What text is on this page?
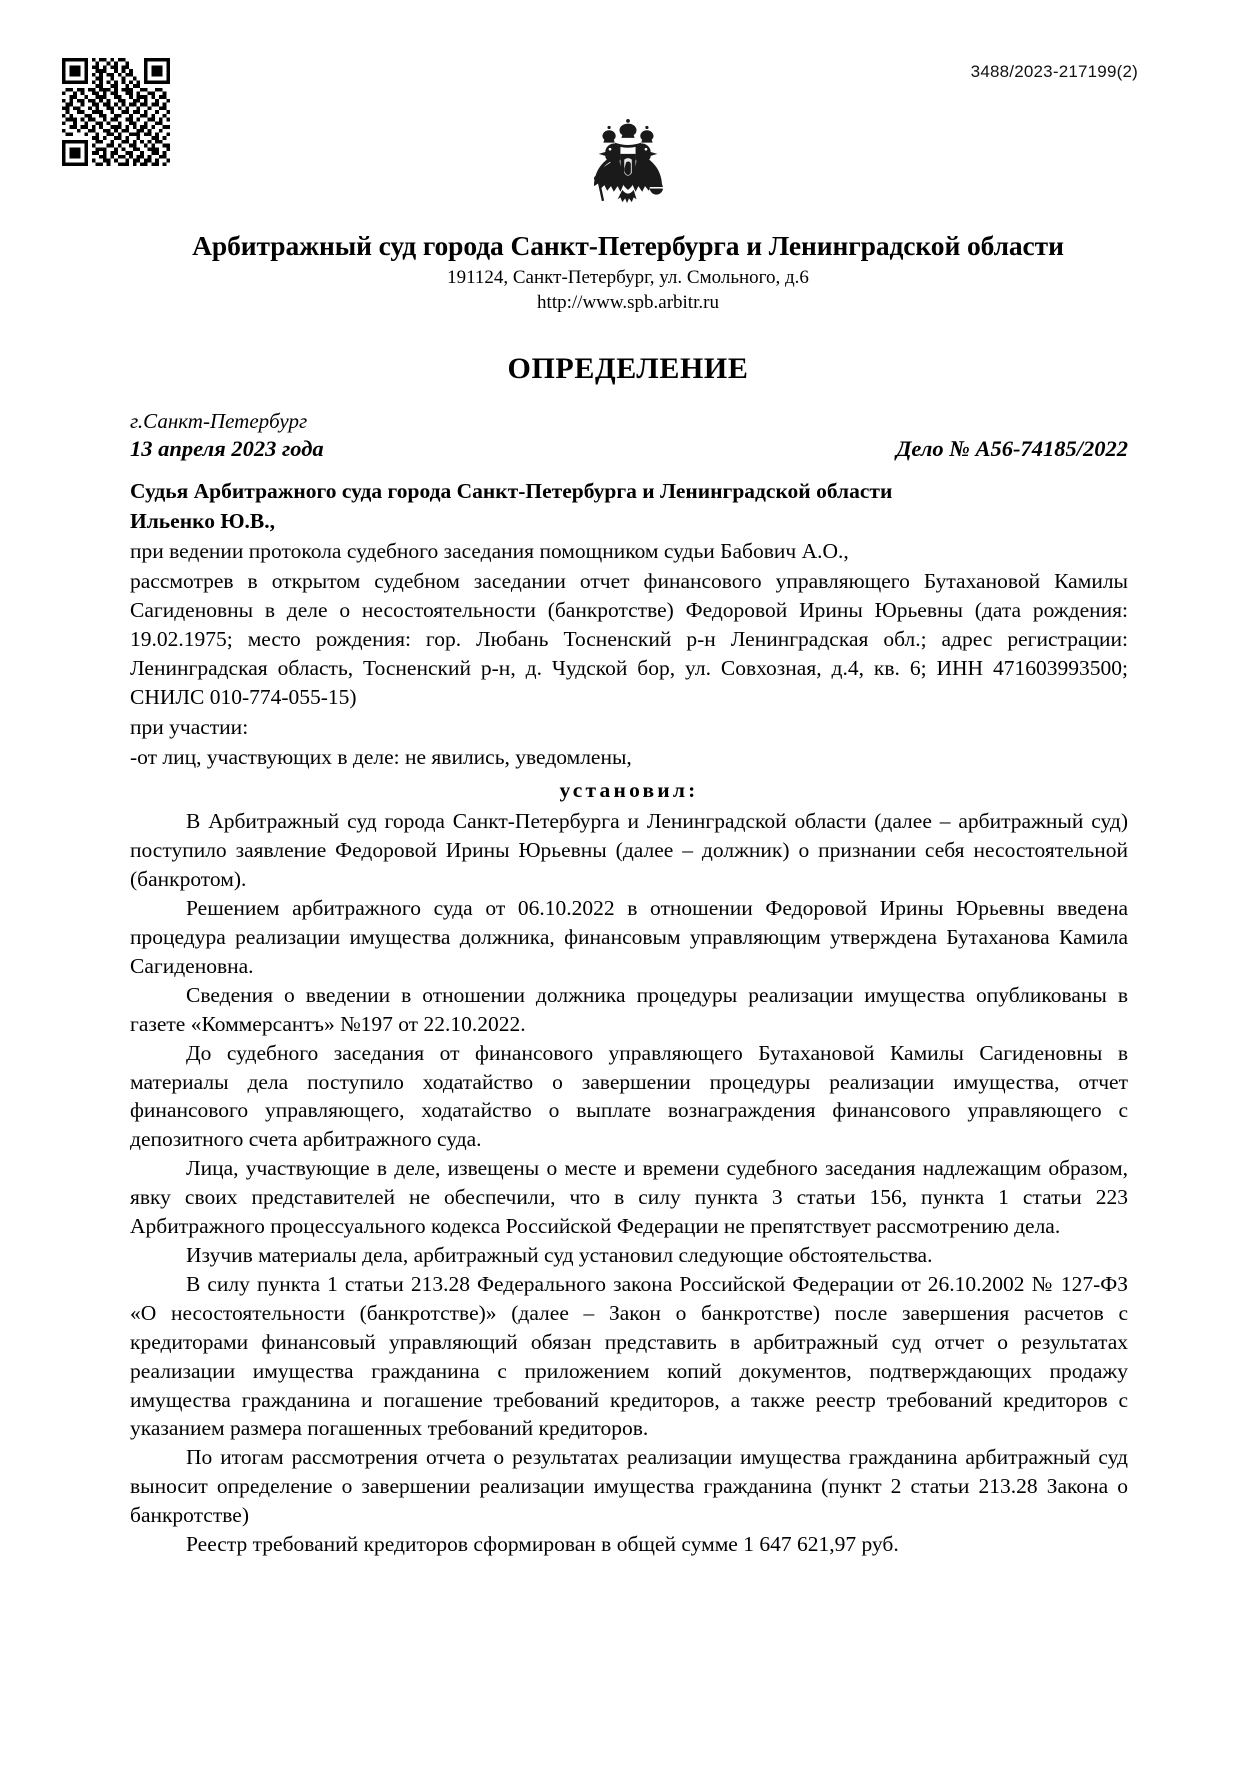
3488/2023-217199(2)
Арбитражный суд города Санкт-Петербурга и Ленинградской области
191124, Санкт-Петербург, ул. Смольного, д.6
http://www.spb.arbitr.ru
ОПРЕДЕЛЕНИЕ
г.Санкт-Петербург
13 апреля 2023 года	Дело № А56-74185/2022
Судья Арбитражного суда города Санкт-Петербурга и Ленинградской области
Ильенко Ю.В.,
при ведении протокола судебного заседания помощником судьи Бабович А.О.,
рассмотрев в открытом судебном заседании отчет финансового управляющего Бутахановой Камилы Сагиденовны в деле о несостоятельности (банкротстве) Федоровой Ирины Юрьевны (дата рождения: 19.02.1975; место рождения: гор. Любань Тосненский р-н Ленинградская обл.; адрес регистрации: Ленинградская область, Тосненский р-н, д. Чудской бор, ул. Совхозная, д.4, кв. 6; ИНН 471603993500; СНИЛС 010-774-055-15)
при участии:
-от лиц, участвующих в деле: не явились, уведомлены,
установил:

В Арбитражный суд города Санкт-Петербурга и Ленинградской области (далее – арбитражный суд) поступило заявление Федоровой Ирины Юрьевны (далее – должник) о признании себя несостоятельной (банкротом).

Решением арбитражного суда от 06.10.2022 в отношении Федоровой Ирины Юрьевны введена процедура реализации имущества должника, финансовым управляющим утверждена Бутаханова Камила Сагиденовна.

Сведения о введении в отношении должника процедуры реализации имущества опубликованы в газете «Коммерсантъ» №197 от 22.10.2022.

До судебного заседания от финансового управляющего Бутахановой Камилы Сагиденовны в материалы дела поступило ходатайство о завершении процедуры реализации имущества, отчет финансового управляющего, ходатайство о выплате вознаграждения финансового управляющего с депозитного счета арбитражного суда.

Лица, участвующие в деле, извещены о месте и времени судебного заседания надлежащим образом, явку своих представителей не обеспечили, что в силу пункта 3 статьи 156, пункта 1 статьи 223 Арбитражного процессуального кодекса Российской Федерации не препятствует рассмотрению дела.

Изучив материалы дела, арбитражный суд установил следующие обстоятельства.

В силу пункта 1 статьи 213.28 Федерального закона Российской Федерации от 26.10.2002 № 127-ФЗ «О несостоятельности (банкротстве)» (далее – Закон о банкротстве) после завершения расчетов с кредиторами финансовый управляющий обязан представить в арбитражный суд отчет о результатах реализации имущества гражданина с приложением копий документов, подтверждающих продажу имущества гражданина и погашение требований кредиторов, а также реестр требований кредиторов с указанием размера погашенных требований кредиторов.

По итогам рассмотрения отчета о результатах реализации имущества гражданина арбитражный суд выносит определение о завершении реализации имущества гражданина (пункт 2 статьи 213.28 Закона о банкротстве)

Реестр требований кредиторов сформирован в общей сумме 1 647 621,97 руб.
